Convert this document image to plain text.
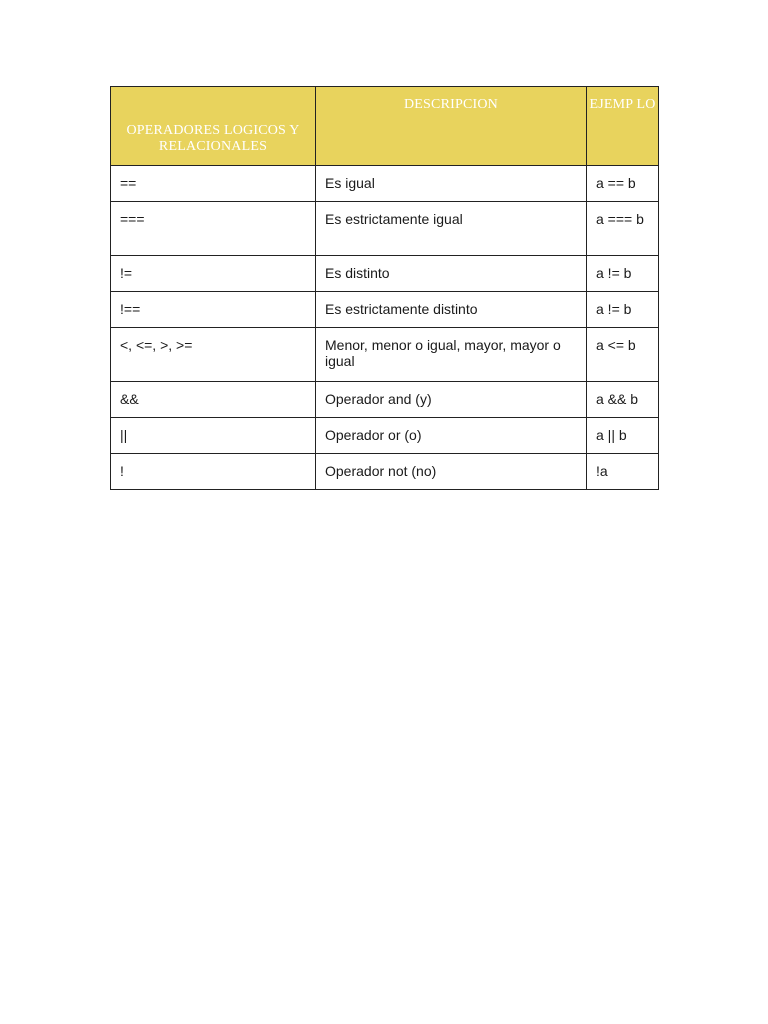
OPERADORES LOGICOS Y RELACIONALES	DESCRIPCION	EJEMP LO
==	Es igual	a == b
===	Es estrictamente igual	a === b
!=	Es distinto	a != b
!==	Es estrictamente distinto	a != b
<, <=, >, >=	Menor, menor o igual, mayor, mayor o igual	a <= b
&&	Operador and (y)	a && b
||	Operador or (o)	a || b
!	Operador not (no)	!a
